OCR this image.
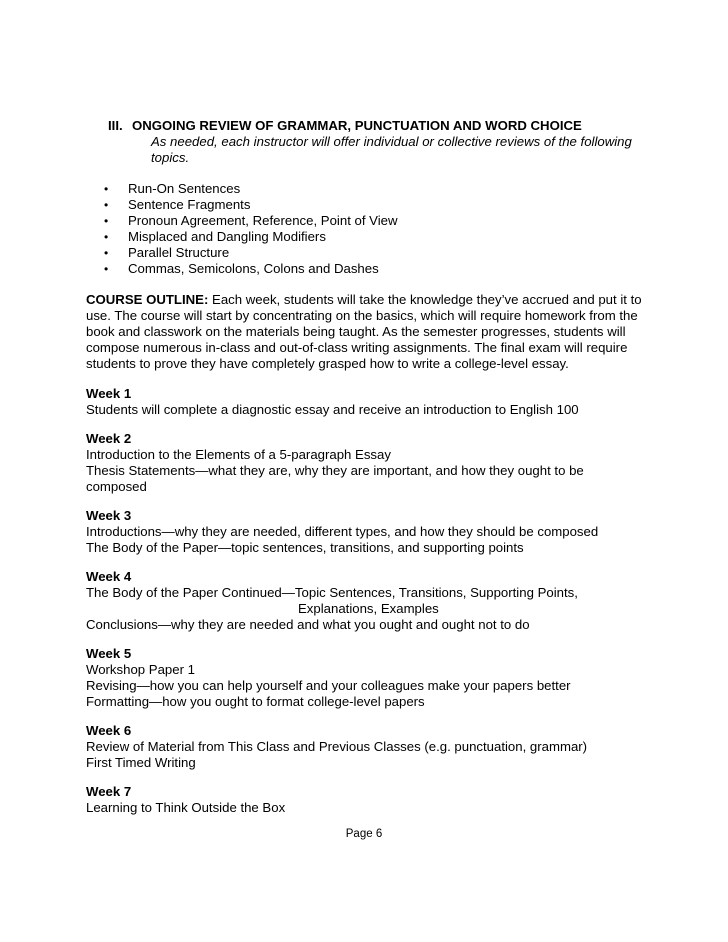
III. ONGOING REVIEW OF GRAMMAR, PUNCTUATION AND WORD CHOICE
As needed, each instructor will offer individual or collective reviews of the following
topics.
• Run-On Sentences
• Sentence Fragments
• Pronoun Agreement, Reference, Point of View
• Misplaced and Dangling Modifiers
• Parallel Structure
• Commas, Semicolons, Colons and Dashes
COURSE OUTLINE: Each week, students will take the knowledge they’ve accrued and put it to
use. The course will start by concentrating on the basics, which will require homework from the
book and classwork on the materials being taught. As the semester progresses, students will
compose numerous in-class and out-of-class writing assignments. The final exam will require
students to prove they have completely grasped how to write a college-level essay.
Week 1
Students will complete a diagnostic essay and receive an introduction to English 100
Week 2
Introduction to the Elements of a 5-paragraph Essay
Thesis Statements—what they are, why they are important, and how they ought to be
composed
Week 3
Introductions—why they are needed, different types, and how they should be composed
The Body of the Paper—topic sentences, transitions, and supporting points
Week 4
The Body of the Paper Continued—Topic Sentences, Transitions, Supporting Points,
Explanations, Examples
Conclusions—why they are needed and what you ought and ought not to do
Week 5
Workshop Paper 1
Revising—how you can help yourself and your colleagues make your papers better
Formatting—how you ought to format college-level papers
Week 6
Review of Material from This Class and Previous Classes (e.g. punctuation, grammar)
First Timed Writing
Week 7
Learning to Think Outside the Box
Page 6
